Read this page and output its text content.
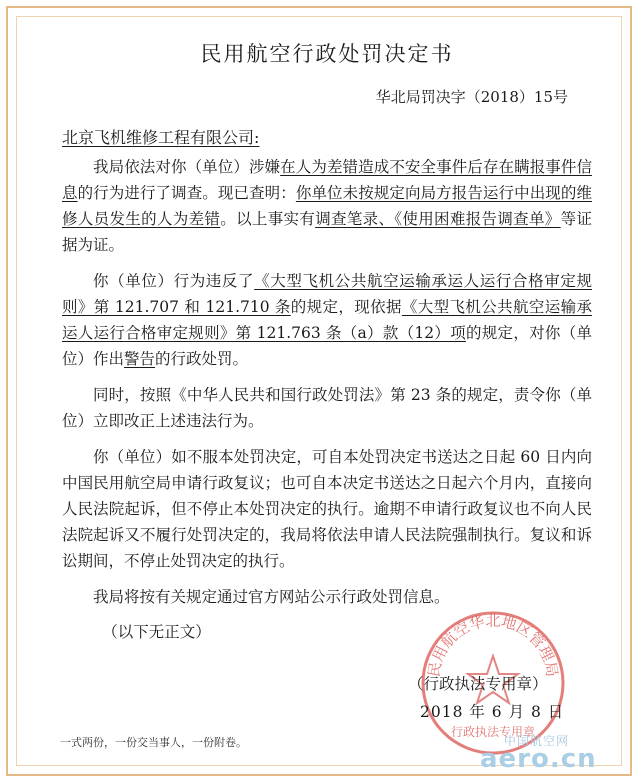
民用航空行政处罚决定书
华北局罚决字（2018）15号
北京飞机维修工程有限公司:

我局依法对你（单位）涉嫌在人为差错造成不安全事件后存在瞒报事件信息的行为进行了调查。现已查明：你单位未按规定向局方报告运行中出现的维修人员发生的人为差错。以上事实有调查笔录、《使用困难报告调查单》等证据为证。

你（单位）行为违反了《大型飞机公共航空运输承运人运行合格审定规则》第 121.707 和 121.710 条的规定，现依据《大型飞机公共航空运输承运人运行合格审定规则》第 121.763 条（a）款（12）项的规定，对你（单位）作出警告的行政处罚。

同时，按照《中华人民共和国行政处罚法》第 23 条的规定，责令你（单位）立即改正上述违法行为。

你（单位）如不服本处罚决定，可自本处罚决定书送达之日起 60 日内向中国民用航空局申请行政复议；也可自本决定书送达之日起六个月内，直接向人民法院起诉，但不停止本处罚决定的执行。逾期不申请行政复议也不向人民法院起诉又不履行处罚决定的，我局将依法申请人民法院强制执行。复议和诉讼期间，不停止处罚决定的执行。

我局将按有关规定通过官方网站公示行政处罚信息。

（以下无正文）
民用航空华北地区管理局
行政执法专用章
（行政执法专用章）
2018 年 6 月 8 日
一式两份，一份交当事人，一份附卷。	中国航空网
aero.cn
